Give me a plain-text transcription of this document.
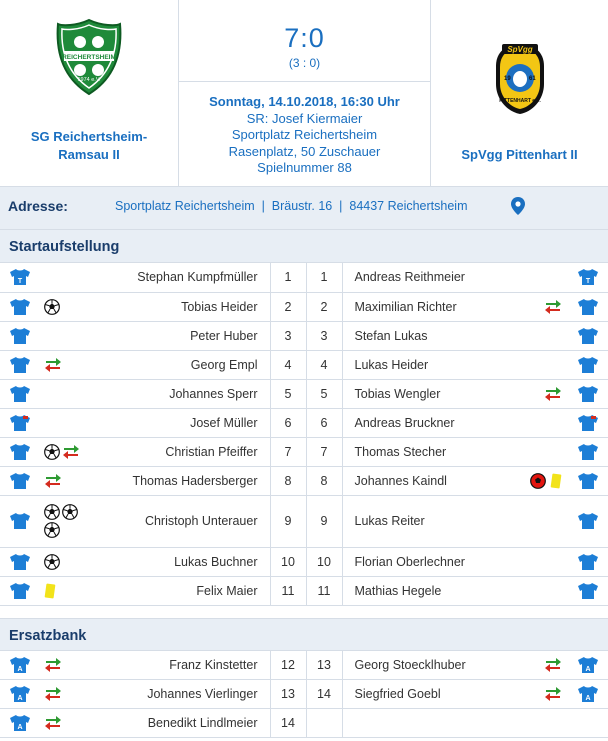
REICHERTSHEIM
1974 e.V.
SG Reichertsheim-
Ramsau II
7:0
(3 : 0)
Sonntag, 14.10.2018, 16:30 Uhr
SR: Josef Kiermaier
Sportplatz Reichertsheim
Rasenplatz, 50 Zuschauer
Spielnummer 88
SpVgg
19	61
PITTENHART e.V.
SpVgg Pittenhart II
Adresse:	Sportplatz Reichertsheim  |  Bräustr. 16  |  84437 Reichertsheim
Startaufstellung
T		Stephan Kumpfmüller	1	1	Andreas Reithmeier		T

	Tobias Heider	2	2	Maximilian Richter	

		Peter Huber	3	3	Stefan Lukas		

	Georg Empl	4	4	Lukas Heider		
		Johannes Sperr	5	5	Tobias Wengler	

		Josef Müller	6	6	Andreas Bruckner		

	Christian Pfeiffer	7	7	Thomas Stecher		

	Thomas Hadersberger	8	8	Johannes Kaindl	

	Christoph Unterauer	9	9	Lukas Reiter		

	Lukas Buchner	10	10	Florian Oberlechner		

	Felix Maier	11	11	Mathias Hegele		
Ersatzbank
A		Franz Kinstetter	12	13	Georg Stoecklhuber		A

A		Johannes Vierlinger	13	14	Siegfried Goebl		A

A		Benedikt Lindlmeier	14				
